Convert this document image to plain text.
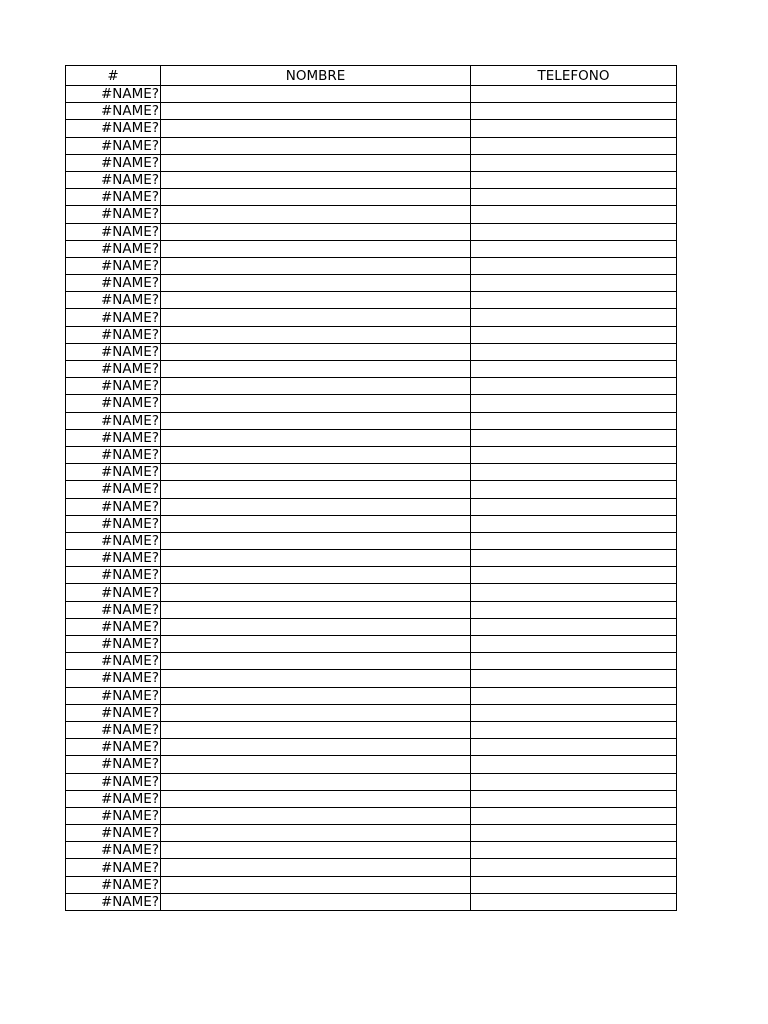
#	NOMBRE	TELEFONO
#NAME?		
#NAME?		
#NAME?		
#NAME?		
#NAME?		
#NAME?		
#NAME?		
#NAME?		
#NAME?		
#NAME?		
#NAME?		
#NAME?		
#NAME?		
#NAME?		
#NAME?		
#NAME?		
#NAME?		
#NAME?		
#NAME?		
#NAME?		
#NAME?		
#NAME?		
#NAME?		
#NAME?		
#NAME?		
#NAME?		
#NAME?		
#NAME?		
#NAME?		
#NAME?		
#NAME?		
#NAME?		
#NAME?		
#NAME?		
#NAME?		
#NAME?		
#NAME?		
#NAME?		
#NAME?		
#NAME?		
#NAME?		
#NAME?		
#NAME?		
#NAME?		
#NAME?		
#NAME?		
#NAME?		
#NAME?		
